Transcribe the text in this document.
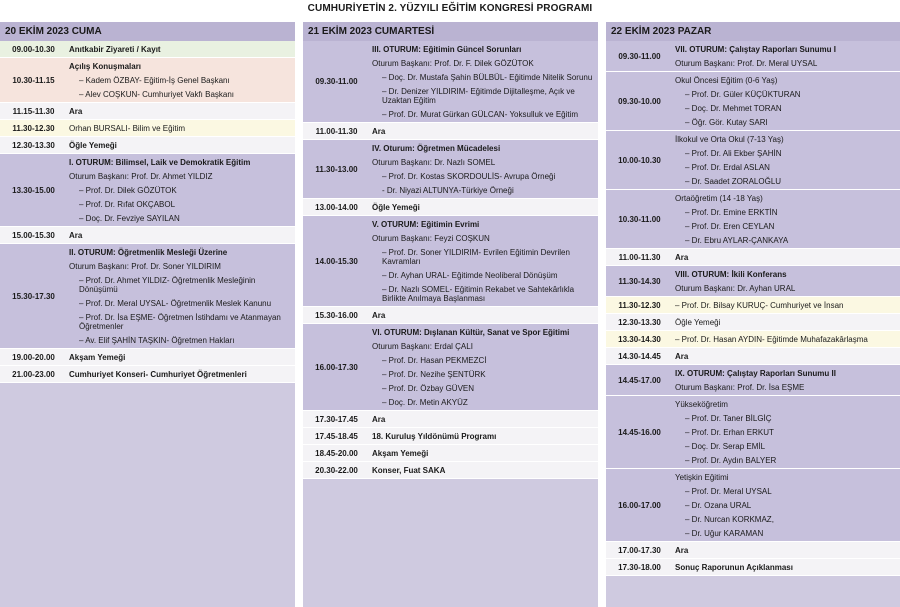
CUMHURİYETİN 2. YÜZYILI EĞİTİM KONGRESİ PROGRAMI
20 EKİM 2023 CUMA
09.00-10.30	Anıtkabir Ziyareti / Kayıt
10.30-11.15
Açılış Konuşmaları
– Kadem ÖZBAY- Eğitim-İş Genel Başkanı
– Alev COŞKUN- Cumhuriyet Vakfı Başkanı
11.15-11.30	Ara
11.30-12.30	Orhan BURSALI- Bilim ve Eğitim
12.30-13.30	Öğle Yemeği
13.30-15.00
I. OTURUM: Bilimsel, Laik ve Demokratik Eğitim
Oturum Başkanı: Prof. Dr. Ahmet YILDIZ
– Prof. Dr. Dilek GÖZÜTOK
– Prof. Dr. Rıfat OKÇABOL
– Doç. Dr. Fevziye SAYILAN
15.00-15.30	Ara
15.30-17.30
II. OTURUM: Öğretmenlik Mesleği Üzerine
Oturum Başkanı: Prof. Dr. Soner YILDIRIM
– Prof. Dr. Ahmet YILDIZ- Öğretmenlik Mesleğinin Dönüşümü
– Prof. Dr. Meral UYSAL- Öğretmenlik Meslek Kanunu
– Prof. Dr. İsa EŞME- Öğretmen İstihdamı ve Atanmayan Öğretmenler
– Av. Elif ŞAHİN TAŞKIN- Öğretmen Hakları
19.00-20.00	Akşam Yemeği
21.00-23.00	Cumhuriyet Konseri- Cumhuriyet Öğretmenleri
21 EKİM 2023 CUMARTESİ
09.30-11.00
III. OTURUM: Eğitimin Güncel Sorunları
Oturum Başkanı: Prof. Dr. F. Dilek GÖZÜTOK
– Doç. Dr. Mustafa Şahin BÜLBÜL- Eğitimde Nitelik Sorunu
– Dr. Denizer YILDIRIM- Eğitimde Dijitalleşme, Açık ve Uzaktan Eğitim
– Prof. Dr. Murat Gürkan GÜLCAN- Yoksulluk ve Eğitim
11.00-11.30	Ara
11.30-13.00
IV. Oturum: Öğretmen Mücadelesi
Oturum Başkanı: Dr. Nazlı SOMEL
– Prof. Dr. Kostas SKORDOULİS- Avrupa Örneği
- Dr. Niyazi ALTUNYA-Türkiye Örneği
13.00-14.00	Öğle Yemeği
14.00-15.30
V. OTURUM: Eğitimin Evrimi
Oturum Başkanı: Feyzi COŞKUN
– Prof. Dr. Soner YILDIRIM- Evrilen Eğitimin Devrilen Kavramları
– Dr. Ayhan URAL- Eğitimde Neoliberal Dönüşüm
– Dr. Nazlı SOMEL- Eğitimin Rekabet ve Sahtekârlıkla Birlikte Anılmaya Başlanması
15.30-16.00	Ara
16.00-17.30
VI. OTURUM: Dışlanan Kültür, Sanat ve Spor Eğitimi
Oturum Başkanı: Erdal ÇALI
– Prof. Dr. Hasan PEKMEZCİ
– Prof. Dr. Nezihe ŞENTÜRK
– Prof. Dr. Özbay GÜVEN
– Doç. Dr. Metin AKYÜZ
17.30-17.45	Ara
17.45-18.45	18. Kuruluş Yıldönümü Programı
18.45-20.00	Akşam Yemeği
20.30-22.00	Konser, Fuat SAKA
22 EKİM 2023 PAZAR
09.30-11.00
VII. OTURUM: Çalıştay Raporları Sunumu I
Oturum Başkanı: Prof. Dr. Meral UYSAL
09.30-10.00
Okul Öncesi Eğitim (0-6 Yaş)
– Prof. Dr. Güler KÜÇÜKTURAN
– Doç. Dr. Mehmet TORAN
– Öğr. Gör. Kutay SARI
10.00-10.30
İlkokul ve Orta Okul (7-13 Yaş)
– Prof. Dr. Ali Ekber ŞAHİN
– Prof. Dr. Erdal ASLAN
– Dr. Saadet ZORALOĞLU
10.30-11.00
Ortaöğretim (14 -18 Yaş)
– Prof. Dr. Emine ERKTİN
– Prof. Dr. Eren CEYLAN
– Dr. Ebru AYLAR-ÇANKAYA
11.00-11.30	Ara
11.30-14.30
VIII. OTURUM: İkili Konferans
Oturum Başkanı: Dr. Ayhan URAL
11.30-12.30	– Prof. Dr. Bilsay KURUÇ- Cumhuriyet ve İnsan
12.30-13.30	Öğle Yemeği
13.30-14.30	– Prof. Dr. Hasan AYDIN- Eğitimde Muhafazakârlaşma
14.30-14.45	Ara
14.45-17.00
IX. OTURUM: Çalıştay Raporları Sunumu II
Oturum Başkanı: Prof. Dr. İsa EŞME
14.45-16.00
Yükseköğretim
– Prof. Dr. Taner BİLGİÇ
– Prof. Dr. Erhan ERKUT
– Doç. Dr. Serap EMİL
– Prof. Dr. Aydın BALYER
16.00-17.00
Yetişkin Eğitimi
– Prof. Dr. Meral UYSAL
– Dr. Ozana URAL
– Dr. Nurcan KORKMAZ,
– Dr. Uğur KARAMAN
17.00-17.30	Ara
17.30-18.00	Sonuç Raporunun Açıklanması
